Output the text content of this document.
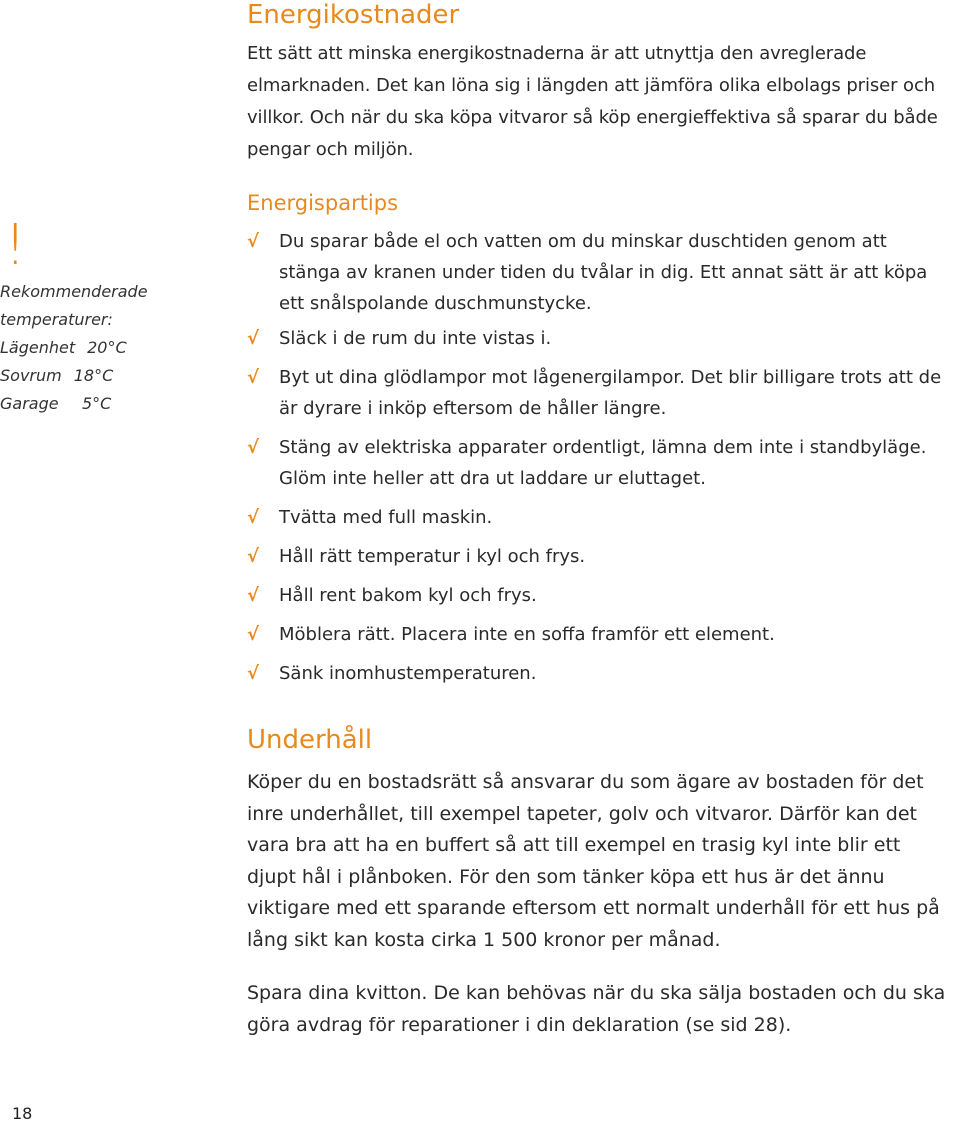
!
Rekommenderade
temperaturer:
Lägenhet 20°C
Sovrum 18°C
Garage	5°C
Energikostnader

Ett sätt att minska energikostnaderna är att utnyttja den avreglerade elmarknaden. Det kan löna sig i längden att jämföra olika elbolags priser och villkor. Och när du ska köpa vitvaror så köp energieffektiva så sparar du både pengar och miljön.

Energispartips
√ Du sparar både el och vatten om du minskar duschtiden genom att stänga av kranen under tiden du tvålar in dig. Ett annat sätt är att köpa ett snålspolande duschmunstycke.
√ Släck i de rum du inte vistas i.
√ Byt ut dina glödlampor mot lågenergilampor. Det blir billigare trots att de är dyrare i inköp eftersom de håller längre.
√ Stäng av elektriska apparater ordentligt, lämna dem inte i standbyläge. Glöm inte heller att dra ut laddare ur eluttaget.
√ Tvätta med full maskin.
√ Håll rätt temperatur i kyl och frys.
√ Håll rent bakom kyl och frys.
√ Möblera rätt. Placera inte en soffa framför ett element.
√ Sänk inomhustemperaturen.
Underhåll

Köper du en bostadsrätt så ansvarar du som ägare av bostaden för det inre underhållet, till exempel tapeter, golv och vitvaror. Därför kan det vara bra att ha en buffert så att till exempel en trasig kyl inte blir ett djupt hål i plånboken. För den som tänker köpa ett hus är det ännu viktigare med ett sparande eftersom ett normalt underhåll för ett hus på lång sikt kan kosta cirka 1 500 kronor per månad.

Spara dina kvitton. De kan behövas när du ska sälja bostaden och du ska göra avdrag för reparationer i din deklaration (se sid 28).

18
